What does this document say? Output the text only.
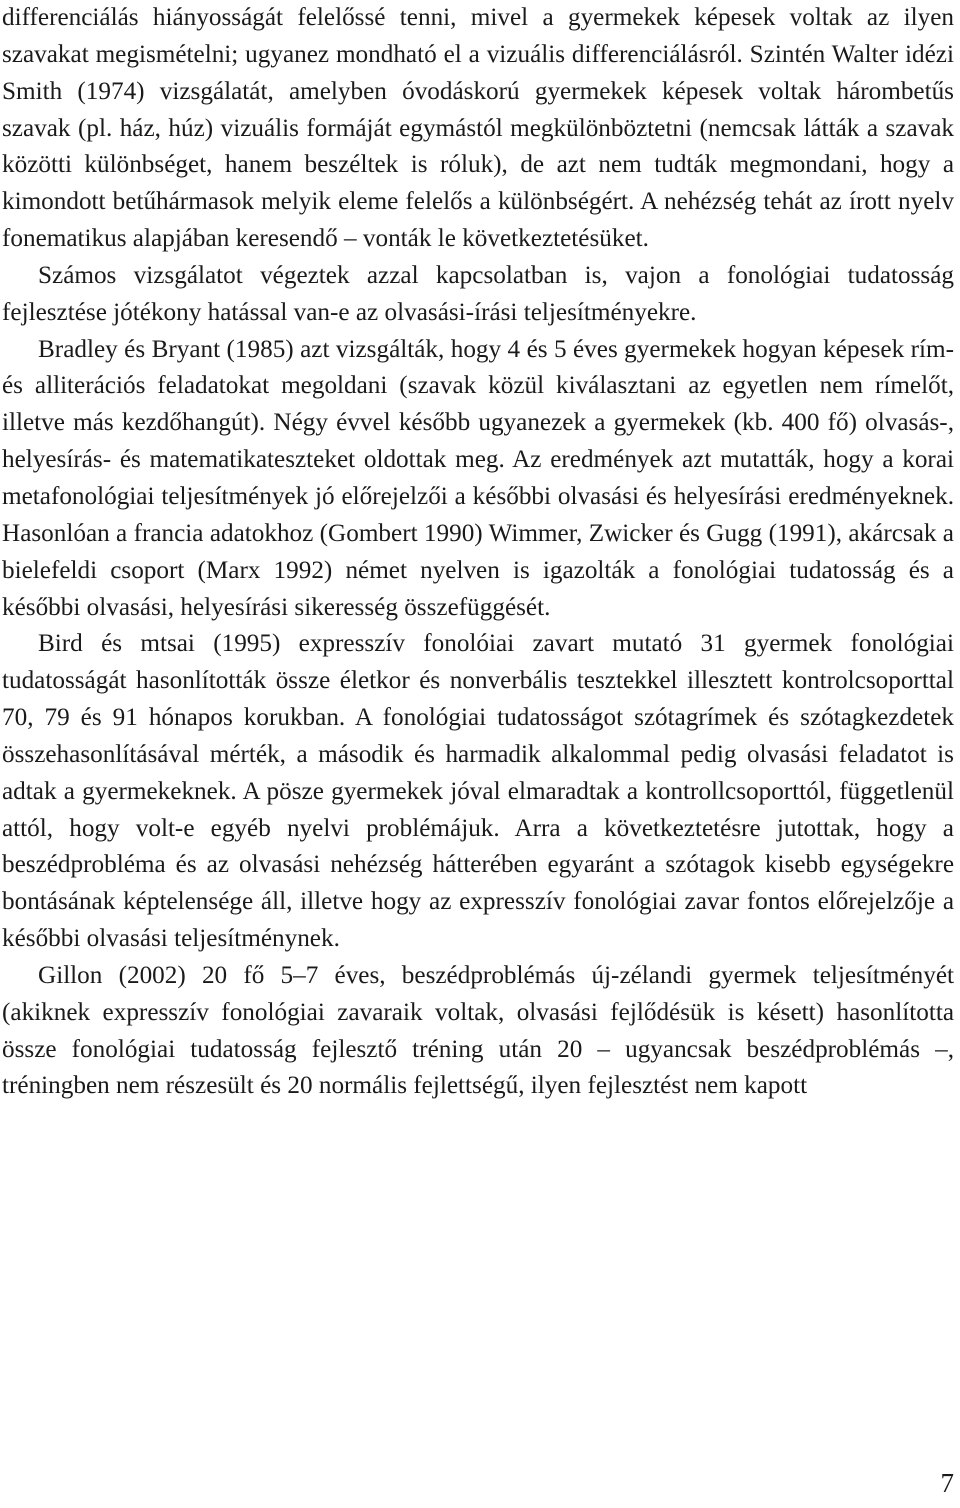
differenciálás hiányosságát felelőssé tenni, mivel a gyermekek képesek voltak az ilyen szavakat megismételni; ugyanez mondható el a vizuális differenciálásról. Szintén Walter idézi Smith (1974) vizsgálatát, amelyben óvodáskorú gyermekek képesek voltak hárombetűs szavak (pl. ház, húz) vizuális formáját egymástól megkülönböztetni (nemcsak látták a szavak közötti különbséget, hanem beszéltek is róluk), de azt nem tudták megmondani, hogy a kimondott betűhármasok melyik eleme felelős a különbségért. A nehézség tehát az írott nyelv fonematikus alapjában keresendő – vonták le következtetésüket.

Számos vizsgálatot végeztek azzal kapcsolatban is, vajon a fonológiai tudatosság fejlesztése jótékony hatással van-e az olvasási-írási teljesítményekre.

Bradley és Bryant (1985) azt vizsgálták, hogy 4 és 5 éves gyermekek hogyan képesek rím- és alliterációs feladatokat megoldani (szavak közül kiválasztani az egyetlen nem rímelőt, illetve más kezdőhangút). Négy évvel később ugyanezek a gyermekek (kb. 400 fő) olvasás-, helyesírás- és matematikateszteket oldottak meg. Az eredmények azt mutatták, hogy a korai metafonológiai teljesítmények jó előrejelzői a későbbi olvasási és helyesírási eredményeknek. Hasonlóan a francia adatokhoz (Gombert 1990) Wimmer, Zwicker és Gugg (1991), akárcsak a bielefeldi csoport (Marx 1992) német nyelven is igazolták a fonológiai tudatosság és a későbbi olvasási, helyesírási sikeresség összefüggését.

Bird és mtsai (1995) expresszív fonolóiai zavart mutató 31 gyermek fonológiai tudatosságát hasonlították össze életkor és nonverbális tesztekkel illesztett kontrolcsoporttal 70, 79 és 91 hónapos korukban. A fonológiai tudatosságot szótagrímek és szótagkezdetek összehasonlításával mérték, a második és harmadik alkalommal pedig olvasási feladatot is adtak a gyermekeknek. A pösze gyermekek jóval elmaradtak a kontrollcsoporttól, függetlenül attól, hogy volt-e egyéb nyelvi problémájuk. Arra a következtetésre jutottak, hogy a beszédprobléma és az olvasási nehézség hátterében egyaránt a szótagok kisebb egységekre bontásának képtelensége áll, illetve hogy az expresszív fonológiai zavar fontos előrejelzője a későbbi olvasási teljesítménynek.

Gillon (2002) 20 fő 5–7 éves, beszédproblémás új-zélandi gyermek teljesítményét (akiknek expresszív fonológiai zavaraik voltak, olvasási fejlődésük is késett) hasonlította össze fonológiai tudatosság fejlesztő tréning után 20 – ugyancsak beszédproblémás –, tréningben nem részesült és 20 normális fejlettségű, ilyen fejlesztést nem kapott

7
